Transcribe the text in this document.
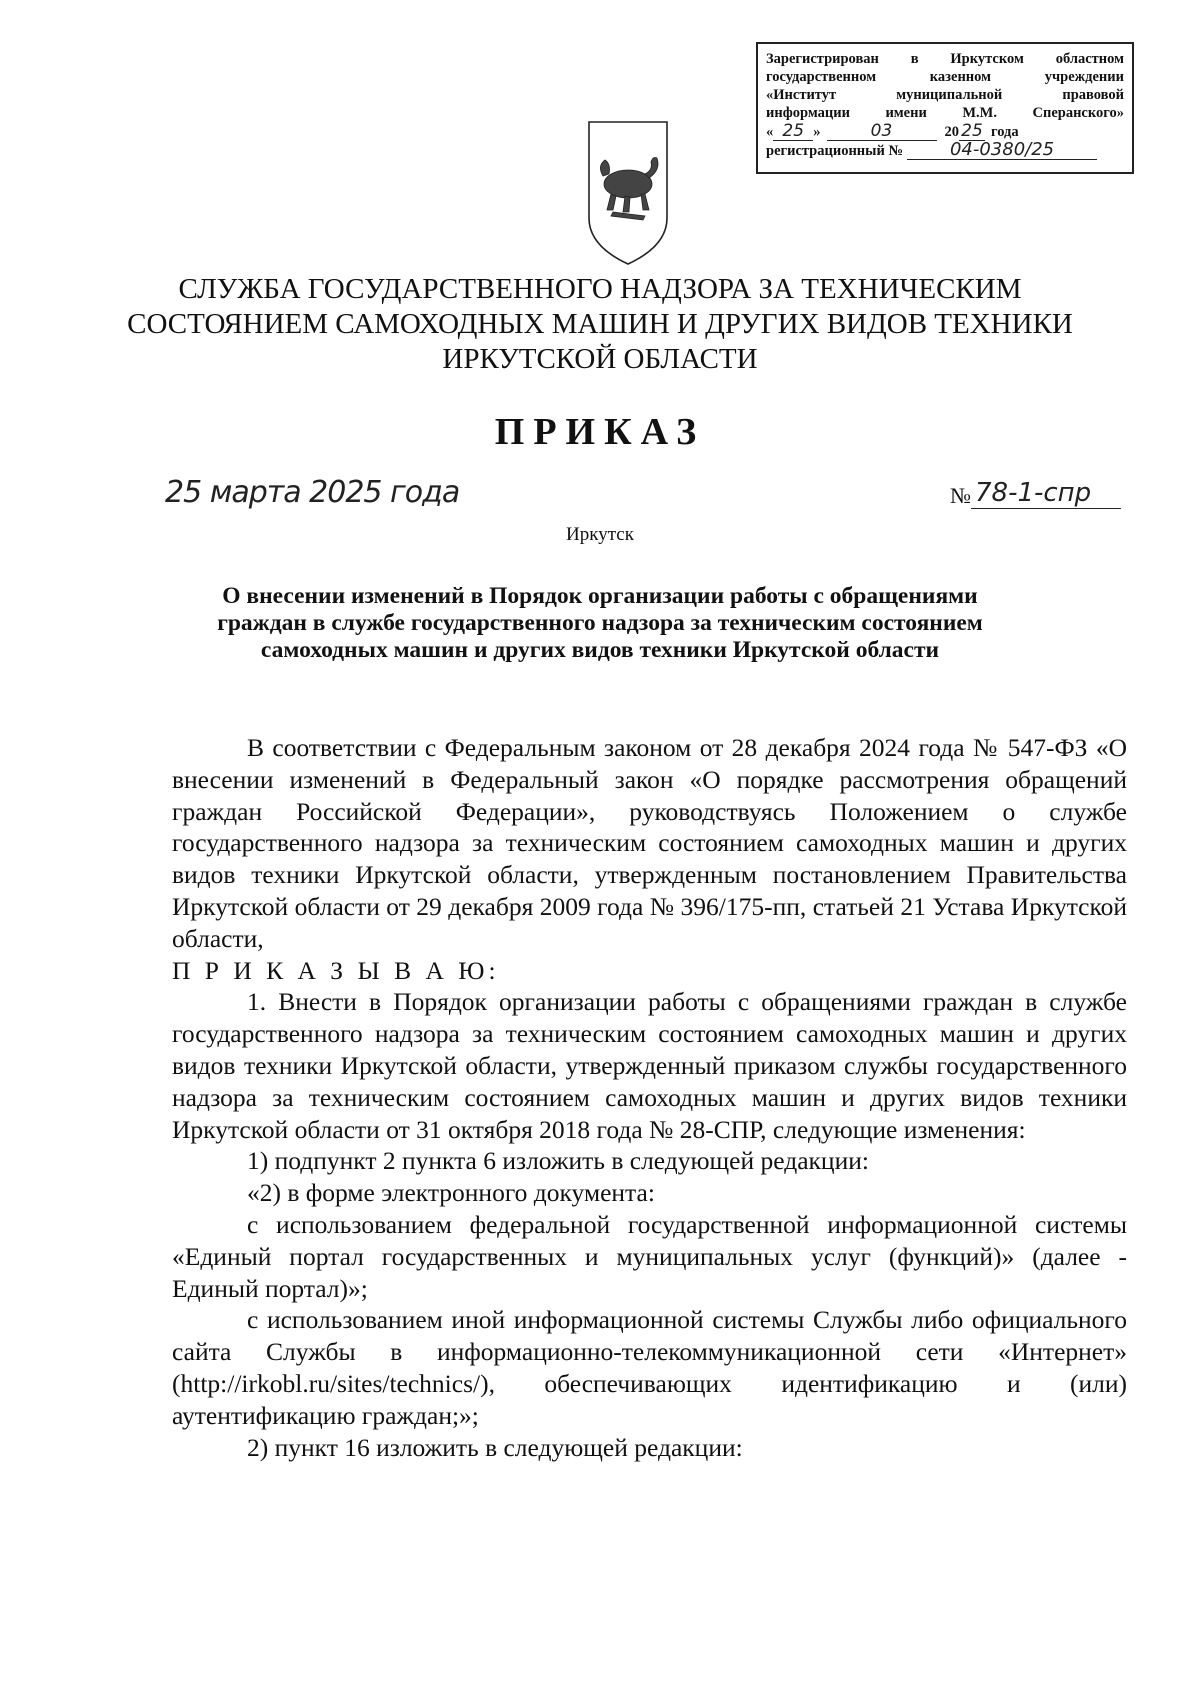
Зарегистрирован в Иркутском областном
государственном казенном учреждении
«Институт муниципальной правовой
информации имени М.М. Сперанского»
« 25 »	03	20 25 года
регистрационный №	04-0380/25
СЛУЖБА ГОСУДАРСТВЕННОГО НАДЗОРА ЗА ТЕХНИЧЕСКИМ
СОСТОЯНИЕМ САМОХОДНЫХ МАШИН И ДРУГИХ ВИДОВ ТЕХНИКИ
ИРКУТСКОЙ ОБЛАСТИ
ПРИКАЗ
25 марта 2025 года	№ 78-1-спр
Иркутск
О внесении изменений в Порядок организации работы с обращениями
граждан в службе государственного надзора за техническим состоянием
самоходных машин и других видов техники Иркутской области

В соответствии с Федеральным законом от 28 декабря 2024 года № 547-ФЗ «О внесении изменений в Федеральный закон «О порядке рассмотрения обращений граждан Российской Федерации», руководствуясь Положением о службе государственного надзора за техническим состоянием самоходных машин и других видов техники Иркутской области, утвержденным постановлением Правительства Иркутской области от 29 декабря 2009 года № 396/175-пп, статьей 21 Устава Иркутской области,

П Р И К А З Ы В А Ю:

1. Внести в Порядок организации работы с обращениями граждан в службе государственного надзора за техническим состоянием самоходных машин и других видов техники Иркутской области, утвержденный приказом службы государственного надзора за техническим состоянием самоходных машин и других видов техники Иркутской области от 31 октября 2018 года № 28-СПР, следующие изменения:

1) подпункт 2 пункта 6 изложить в следующей редакции:

«2) в форме электронного документа:

с использованием федеральной государственной информационной системы «Единый портал государственных и муниципальных услуг (функций)» (далее - Единый портал)»;

с использованием иной информационной системы Службы либо официального сайта Службы в информационно-телекоммуникационной сети «Интернет» (http://irkobl.ru/sites/technics/), обеспечивающих идентификацию и (или) аутентификацию граждан;»;

2) пункт 16 изложить в следующей редакции:
